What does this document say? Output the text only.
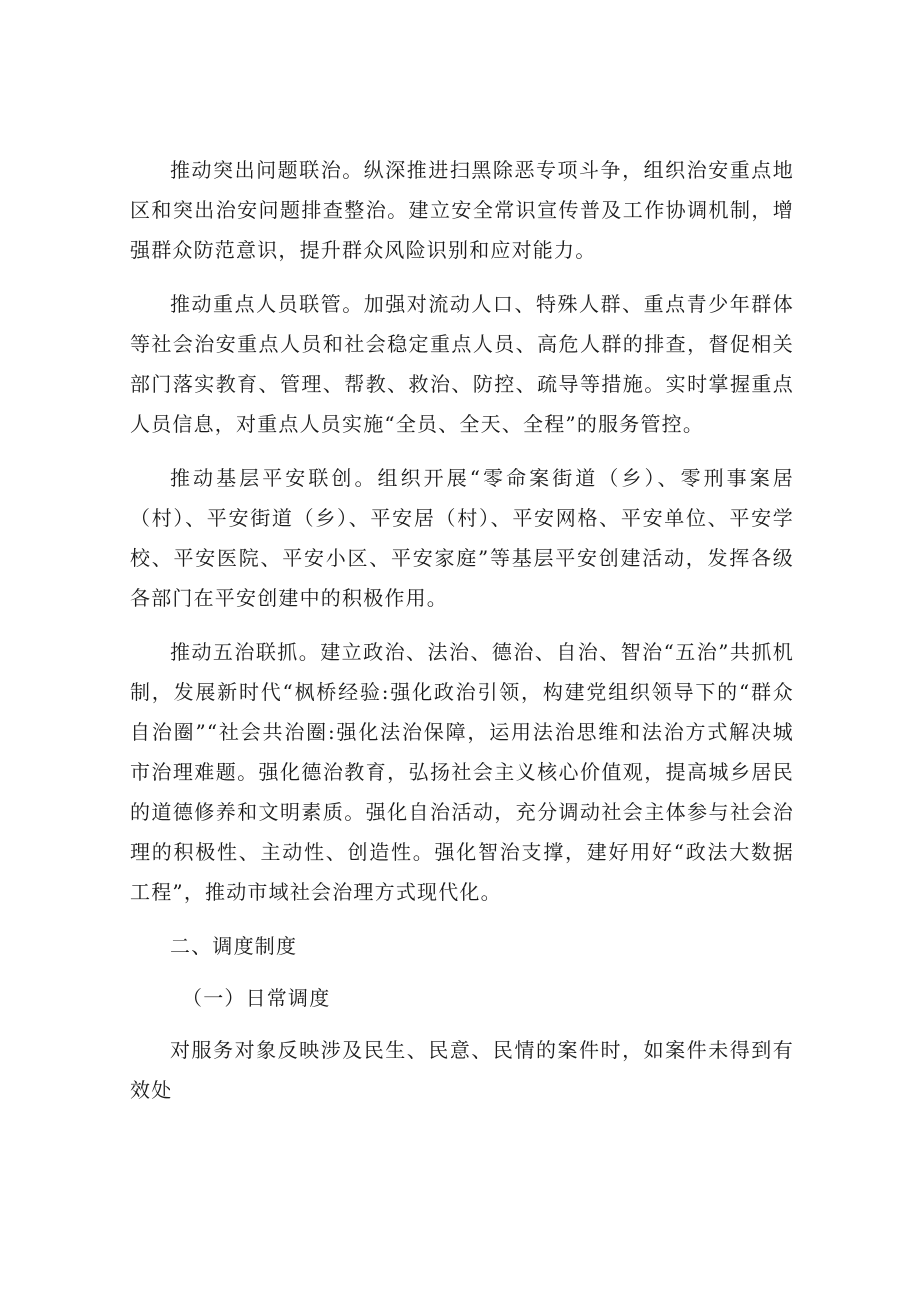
推动突出问题联治。纵深推进扫黑除恶专项斗争，组织治安重点地区和突出治安问题排查整治。建立安全常识宣传普及工作协调机制，增强群众防范意识，提升群众风险识别和应对能力。

推动重点人员联管。加强对流动人口、特殊人群、重点青少年群体等社会治安重点人员和社会稳定重点人员、高危人群的排查，督促相关部门落实教育、管理、帮教、救治、防控、疏导等措施。实时掌握重点人员信息，对重点人员实施“全员、全天、全程”的服务管控。

推动基层平安联创。组织开展“零命案街道（乡）、零刑事案居（村）、平安街道（乡）、平安居（村）、平安网格、平安单位、平安学校、平安医院、平安小区、平安家庭”等基层平安创建活动，发挥各级各部门在平安创建中的积极作用。

推动五治联抓。建立政治、法治、德治、自治、智治“五治”共抓机制，发展新时代“枫桥经验:强化政治引领，构建党组织领导下的“群众自治圈”“社会共治圈:强化法治保障，运用法治思维和法治方式解决城市治理难题。强化德治教育，弘扬社会主义核心价值观，提高城乡居民的道德修养和文明素质。强化自治活动，充分调动社会主体参与社会治理的积极性、主动性、创造性。强化智治支撑，建好用好“政法大数据工程”，推动市域社会治理方式现代化。

二、调度制度

（一）日常调度

对服务对象反映涉及民生、民意、民情的案件时，如案件未得到有效处
